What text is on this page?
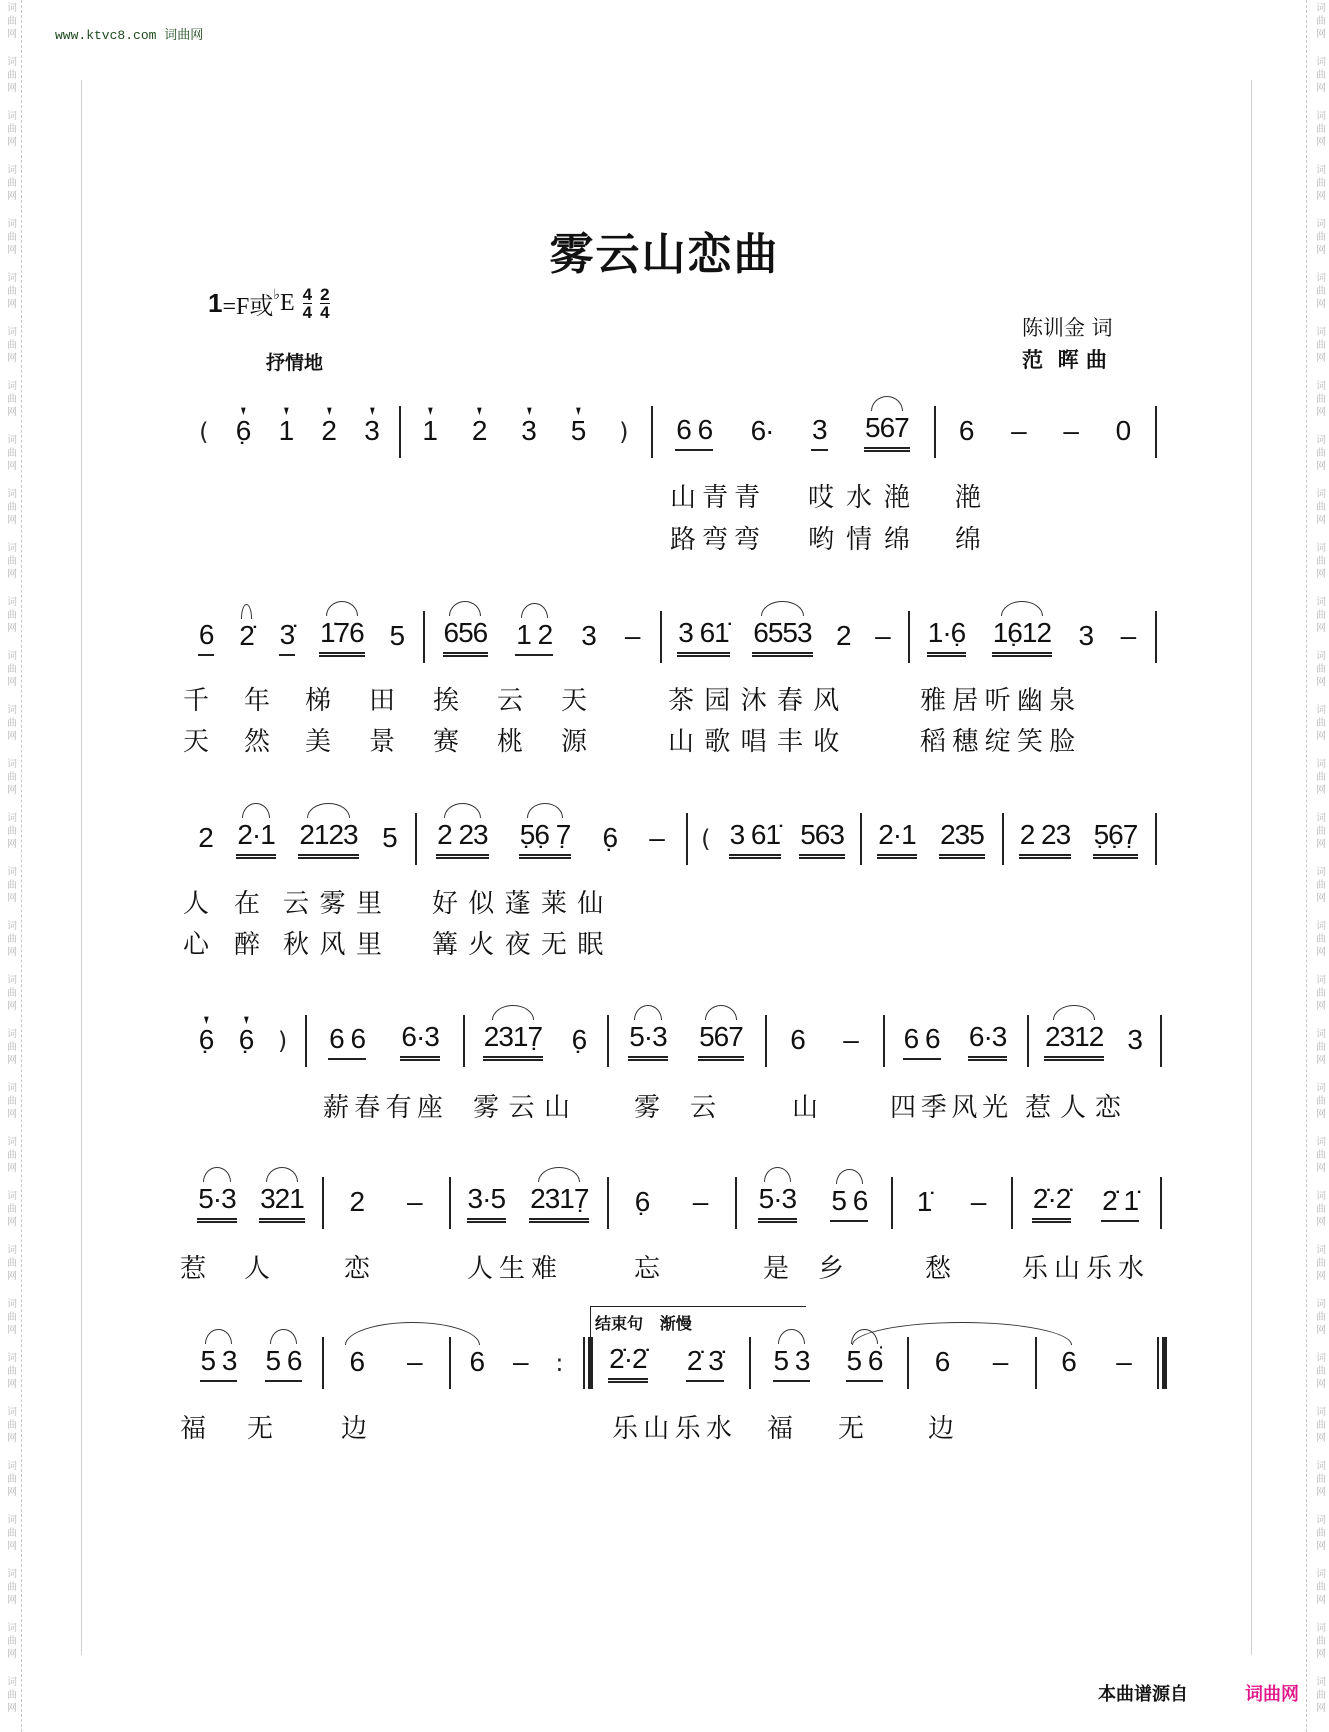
词曲网
词曲网
词曲网
词曲网
词曲网
词曲网
词曲网
词曲网
词曲网
词曲网
词曲网
词曲网
词曲网
词曲网
词曲网
词曲网
词曲网
词曲网
词曲网
词曲网
词曲网
词曲网
词曲网
词曲网
词曲网
词曲网
词曲网
词曲网
词曲网
词曲网
词曲网
词曲网
词曲网
词曲网
词曲网
词曲网
词曲网
词曲网
词曲网
词曲网
词曲网
词曲网
词曲网
词曲网
词曲网
词曲网
词曲网
词曲网
词曲网
词曲网
词曲网
词曲网
词曲网
词曲网
词曲网
词曲网
词曲网
词曲网
词曲网
词曲网
词曲网
词曲网
词曲网
词曲网
www.ktvc8.com 词曲网
雾云山恋曲
1 =F或♭ E $\frac{4}{4} \frac{2}{4}$
抒情地
陈训金 词
范  晖 曲
结束句   渐慢
( ▼ 6̣ ▼ 1 ▼ 2 ▼ 3 ▼ 1 ▼ 2 ▼ 3 ▼ 5 ) 6 6 6· 3 567 6 – – 0
山青青 哎水滟 滟
路弯弯 哟情绵 绵
6 2̇ 3̇ 1̇76 5 656 1 2 3 – 3 61̇ 6553 2 – 1·6̣ 16̣12 3 –
千年 梯田挨云天 茶园沐春风	雅居听幽泉
天然 美景赛桃源 山歌唱丰收	稻穗绽笑脸
2 2·1 2123 5 2 23 5̣6̣ 7̣ 6̣ – ( 3 61̇ 563 2·1 235 2 23 5̣6̣7̣
人在
云雾里 好似蓬莱仙
心醉
秋风里 篝火夜无眠
▼ 6̣ ▼ 6̣ ) 6 6 6·3 2317̣ 6̣ 5·3 567 6 – 6 6 6·3 2312 3
薪春有座 雾云山 雾 云	山	四季风光 惹人恋
5·3 321 2 – 3·5 2317̣ 6̣ – 5·3 5 6 1̇ – 2̇·2̇ 2̇ 1̇
惹 人	恋	人生难	忘	是 乡	愁	乐山乐水
5 3 5 6 6 – 6 – : 2̇·2̇ 2̇ 3̇ 5 3 · 5 6 6 – 6 –
福 无	边	乐山乐水 福 无 边
本曲谱源自	词曲网
